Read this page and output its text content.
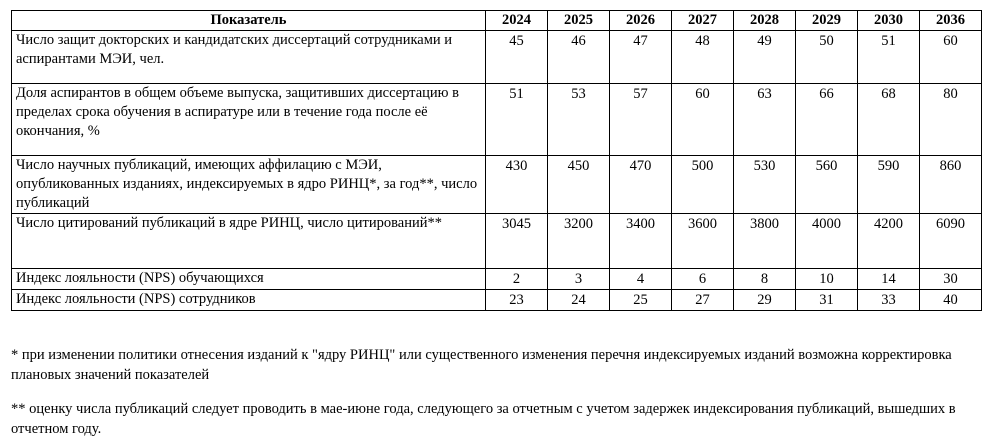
Показатель	2024	2025	2026	2027	2028	2029	2030	2036
Число защит докторских и кандидатских диссертаций сотрудниками и аспирантами МЭИ, чел.	45	46	47	48	49	50	51	60
Доля аспирантов в общем объеме выпуска, защитивших диссертацию в пределах срока обучения в аспиратуре или в течение года после её окончания, %	51	53	57	60	63	66	68	80
Число научных публикаций, имеющих аффилацию с МЭИ, опубликованных изданиях, индексируемых в ядро РИНЦ*, за год**, число публикаций	430	450	470	500	530	560	590	860
Число цитирований публикаций в ядре РИНЦ, число цитирований**	3045	3200	3400	3600	3800	4000	4200	6090
Индекс лояльности (NPS) обучающихся	2	3	4	6	8	10	14	30
Индекс лояльности (NPS) сотрудников	23	24	25	27	29	31	33	40
* при изменении политики отнесения изданий к "ядру РИНЦ" или существенного изменения перечня индексируемых изданий возможна корректировка плановых значений показателей
** оценку числа публикаций следует проводить в мае-июне года, следующего за отчетным с учетом задержек индексирования публикаций, вышедших в отчетном году.
